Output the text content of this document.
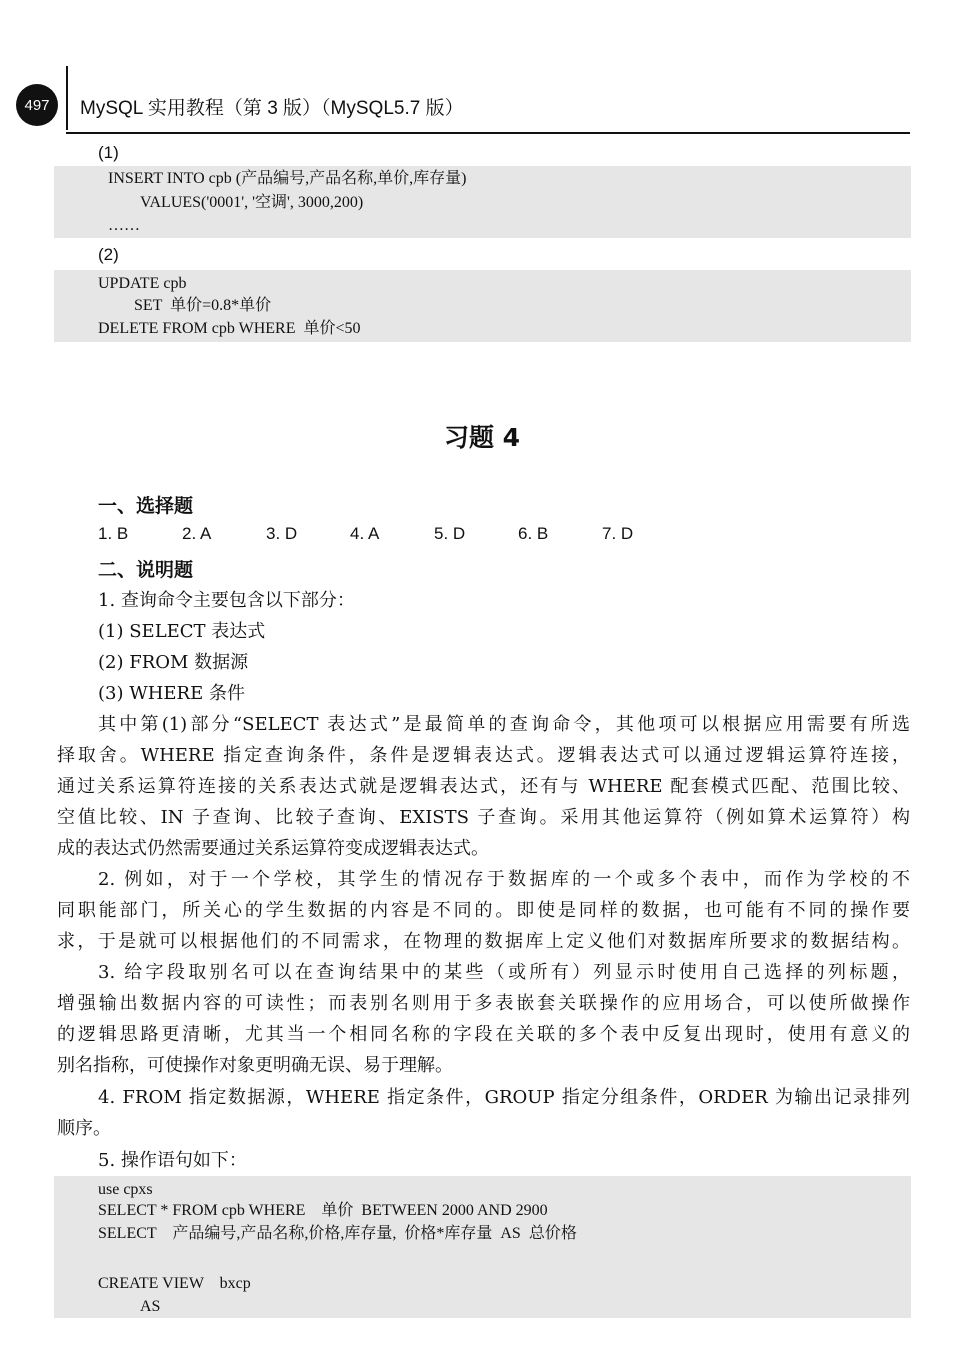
497	MySQL 实用教程（第 3 版）（MySQL5.7 版）
(1)
INSERT INTO cpb (产品编号,产品名称,单价,库存量)
VALUES('0001', '空调', 3000,200)
……
(2)
UPDATE cpb
SET  单价=0.8*单价
DELETE FROM cpb WHERE  单价<50
习题 4
一、选择题
1. B	2. A	3. D	4. A	5. D	6. B	7. D
二、说明题
1. 查询命令主要包含以下部分：
(1) SELECT 表达式
(2) FROM 数据源
(3) WHERE 条件
其中第(1)部分“SELECT 表达式”是最简单的查询命令，其他项可以根据应用需要有所选
择取舍。WHERE 指定查询条件，条件是逻辑表达式。逻辑表达式可以通过逻辑运算符连接，
通过关系运算符连接的关系表达式就是逻辑表达式，还有与 WHERE 配套模式匹配、范围比较、
空值比较、IN 子查询、比较子查询、EXISTS 子查询。采用其他运算符（例如算术运算符）构
成的表达式仍然需要通过关系运算符变成逻辑表达式。
2. 例如，对于一个学校，其学生的情况存于数据库的一个或多个表中，而作为学校的不
同职能部门，所关心的学生数据的内容是不同的。即使是同样的数据，也可能有不同的操作要
求，于是就可以根据他们的不同需求，在物理的数据库上定义他们对数据库所要求的数据结构。
3. 给字段取别名可以在查询结果中的某些（或所有）列显示时使用自己选择的列标题，
增强输出数据内容的可读性；而表别名则用于多表嵌套关联操作的应用场合，可以使所做操作
的逻辑思路更清晰，尤其当一个相同名称的字段在关联的多个表中反复出现时，使用有意义的
别名指称，可使操作对象更明确无误、易于理解。
4. FROM 指定数据源，WHERE 指定条件，GROUP 指定分组条件，ORDER 为输出记录排列
顺序。
5. 操作语句如下：
use cpxs
SELECT * FROM cpb WHERE    单价  BETWEEN 2000 AND 2900
SELECT    产品编号,产品名称,价格,库存量,  价格*库存量  AS  总价格
CREATE VIEW    bxcp
AS
